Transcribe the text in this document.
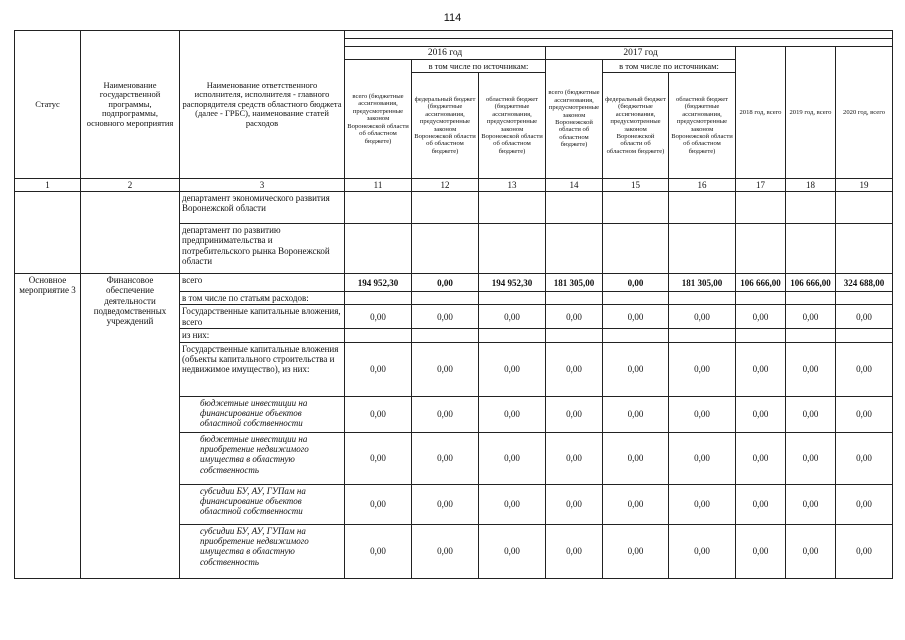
114
Статус	Наименование государственной программы, подпрограммы, основного мероприятия	Наименование ответственного исполнителя, исполнителя - главного распорядителя средств областного бюджета (далее - ГРБС), наименование статей расходов									

			2016 год			2017 год			2018 год, всего	2019 год, всего	2020 год, всего
			всего (бюджетные ассигнования, предусмотренные законом Воронежской области об областном бюджете)	в том числе по источникам:		всего (бюджетные ассигнования, предусмотренные законом Воронежской области об областном бюджете)	в том числе по источникам:				
				федеральный бюджет (бюджетные ассигнования, предусмотренные законом Воронежской области об областном бюджете)	областной бюджет (бюджетные ассигнования, предусмотренные законом Воронежской области об областном бюджете)		федеральный бюджет (бюджетные ассигнования, предусмотренные законом Воронежской области об областном бюджете)	областной бюджет (бюджетные ассигнования, предусмотренные законом Воронежской области об областном бюджете)			
1	2	3	11	12	13	14	15	16	17	18	19
		департамент экономического развития Воронежской области									
		департамент по развитию предпринимательства и потребительского рынка Воронежской области									
Основное мероприятие 3	Финансовое обеспечение деятельности подведомственных учреждений	всего	194 952,30	0,00	194 952,30	181 305,00	0,00	181 305,00	106 666,00	106 666,00	324 688,00
		в том числе по статьям расходов:									
		Государственные капитальные вложения, всего	0,00	0,00	0,00	0,00	0,00	0,00	0,00	0,00	0,00
		из них:									
		Государственные капитальные вложения (объекты капитального строительства и недвижимое имущество), из них:	0,00	0,00	0,00	0,00	0,00	0,00	0,00	0,00	0,00
		бюджетные инвестиции на финансирование объектов областной собственности	0,00	0,00	0,00	0,00	0,00	0,00	0,00	0,00	0,00
		бюджетные инвестиции на приобретение недвижимого имущества в областную собственность	0,00	0,00	0,00	0,00	0,00	0,00	0,00	0,00	0,00
		субсидии БУ, АУ, ГУПам на финансирование объектов областной собственности	0,00	0,00	0,00	0,00	0,00	0,00	0,00	0,00	0,00
		субсидии БУ, АУ, ГУПам на приобретение недвижимого имущества в областную собственность	0,00	0,00	0,00	0,00	0,00	0,00	0,00	0,00	0,00
